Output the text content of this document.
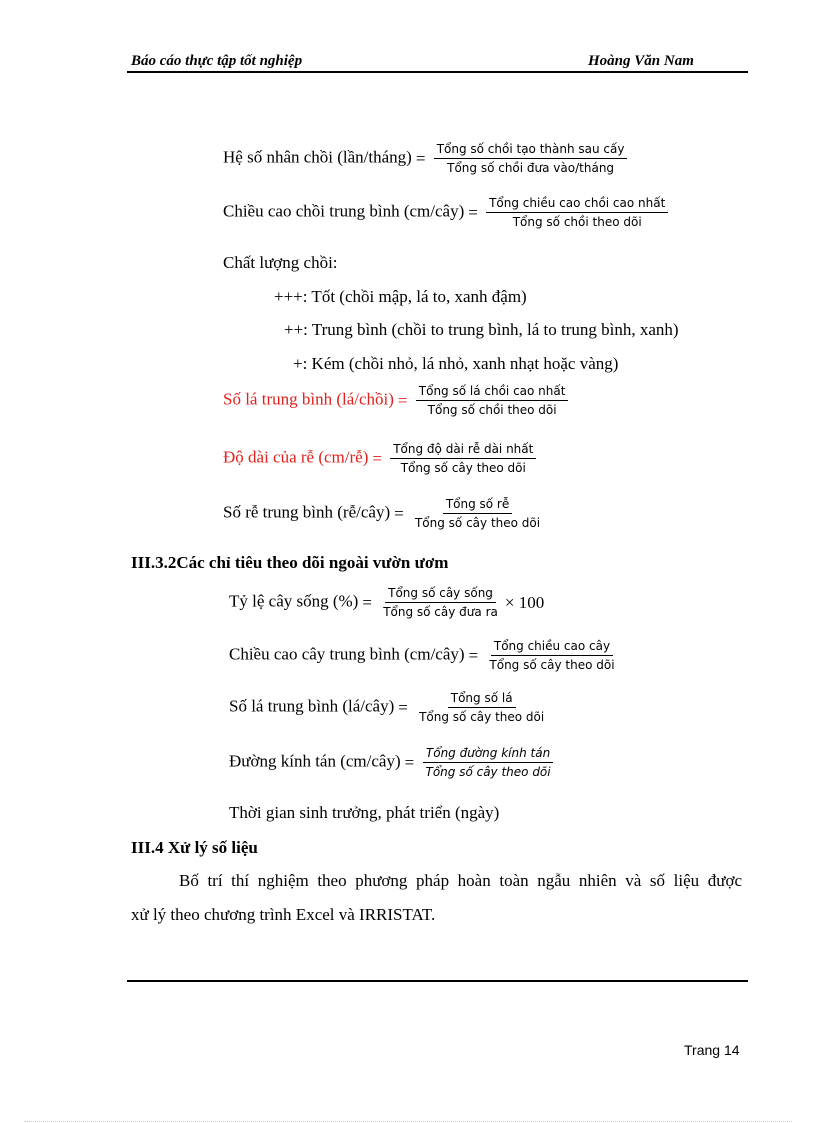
Báo cáo thực tập tốt nghiệp	Hoàng Văn Nam
Hệ số nhân chồi (lần/tháng) = $\frac{\text{Tổng số chồi tạo thành sau cấy}}{\text{Tổng số chồi đưa vào/tháng}}$
Chiều cao chồi trung bình (cm/cây) = $\frac{\text{Tổng chiều cao chồi cao nhất}}{\text{Tổng số chồi theo dõi}}$
Chất lượng chồi:
+++: Tốt (chồi mập, lá to, xanh đậm)
++: Trung bình (chồi to trung bình, lá to trung bình, xanh)
+: Kém (chồi nhỏ, lá nhỏ, xanh nhạt hoặc vàng)
Số lá trung bình (lá/chồi) = $\frac{\text{Tổng số lá chồi cao nhất}}{\text{Tổng số chồi theo dõi}}$
Độ dài của rễ (cm/rễ) = $\frac{\text{Tổng độ dài rễ dài nhất}}{\text{Tổng số cây theo dõi}}$
Số rễ trung bình (rễ/cây) = $\frac{\text{Tổng số rễ}}{\text{Tổng số cây theo dõi}}$
III.3.2Các chỉ tiêu theo dõi ngoài vườn ươm
Tỷ lệ cây sống (%) = $\frac{\text{Tổng số cây sống}}{\text{Tổng số cây đưa ra}} \times 100$
Chiều cao cây trung bình (cm/cây) = $\frac{\text{Tổng chiều cao cây}}{\text{Tổng số cây theo dõi}}$
Số lá trung bình (lá/cây) = $\frac{\text{Tổng số lá}}{\text{Tổng số cây theo dõi}}$
Đường kính tán (cm/cây) = $\frac{\text{Tổng đường kính tán}}{\text{Tổng số cây theo dõi}}$
Thời gian sinh trưởng, phát triển (ngày)
III.4 Xử lý số liệu
Bố trí thí nghiệm theo phương pháp hoàn toàn ngẫu nhiên và số liệu được
xử lý theo chương trình Excel và IRRISTAT.
Trang 14
